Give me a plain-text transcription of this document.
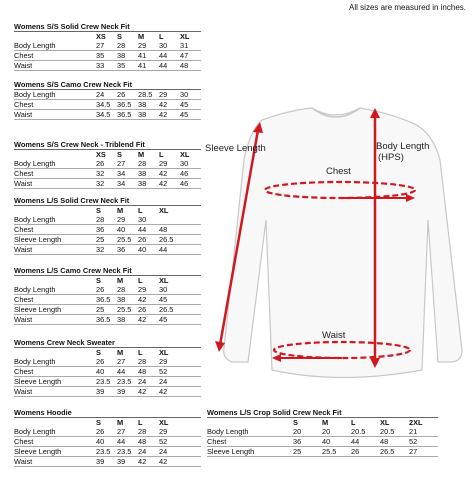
All sizes are measured in inches.
Womens S/S Solid Crew Neck Fit					
	XS	S	M	L	XL
Body Length	27	28	29	30	31
Chest	35	38	41	44	47
Waist	33	35	41	44	48
Womens S/S Camo Crew Neck Fit					

Body Length	24	26	28.5	29	30
Chest	34.5	36.5	38	42	45
Waist	34.5	36.5	38	42	45
Womens S/S Crew Neck - Triblend Fit					
	XS	S	M	L	XL
Body Length	26	27	28	29	30
Chest	32	34	38	42	46
Waist	32	34	38	42	46
Womens L/S Solid Crew Neck Fit					
	S	M	L	XL	
Body Length	28	29	30		
Chest	36	40	44	48	
Sleeve Length	25	25.5	26	26.5	
Waist	32	36	40	44	
Womens L/S Camo Crew Neck Fit					
	S	M	L	XL	
Body Length	26	28	29	30	
Chest	36.5	38	42	45	
Sleeve Length	25	25.5	26	26.5	
Waist	36.5	38	42	45	
Womens Crew Neck Sweater					
	S	M	L	XL	
Body Length	26	27	28	29	
Chest	40	44	48	52	
Sleeve Length	23.5	23.5	24	24	
Waist	39	39	42	42	
Womens Hoodie					
	S	M	L	XL	
Body Length	26	27	28	29	
Chest	40	44	48	52	
Sleeve Length	23.5	23.5	24	24	
Waist	39	39	42	42	
Womens L/S Crop Solid Crew Neck Fit					
	S	M	L	XL	2XL
Body Length	20	20	20.5	20.5	21
Chest	36	40	44	48	52
Sleeve Length	25	25.5	26	26.5	27
Sleeve Length
Chest
Body Length
(HPS)
Waist
